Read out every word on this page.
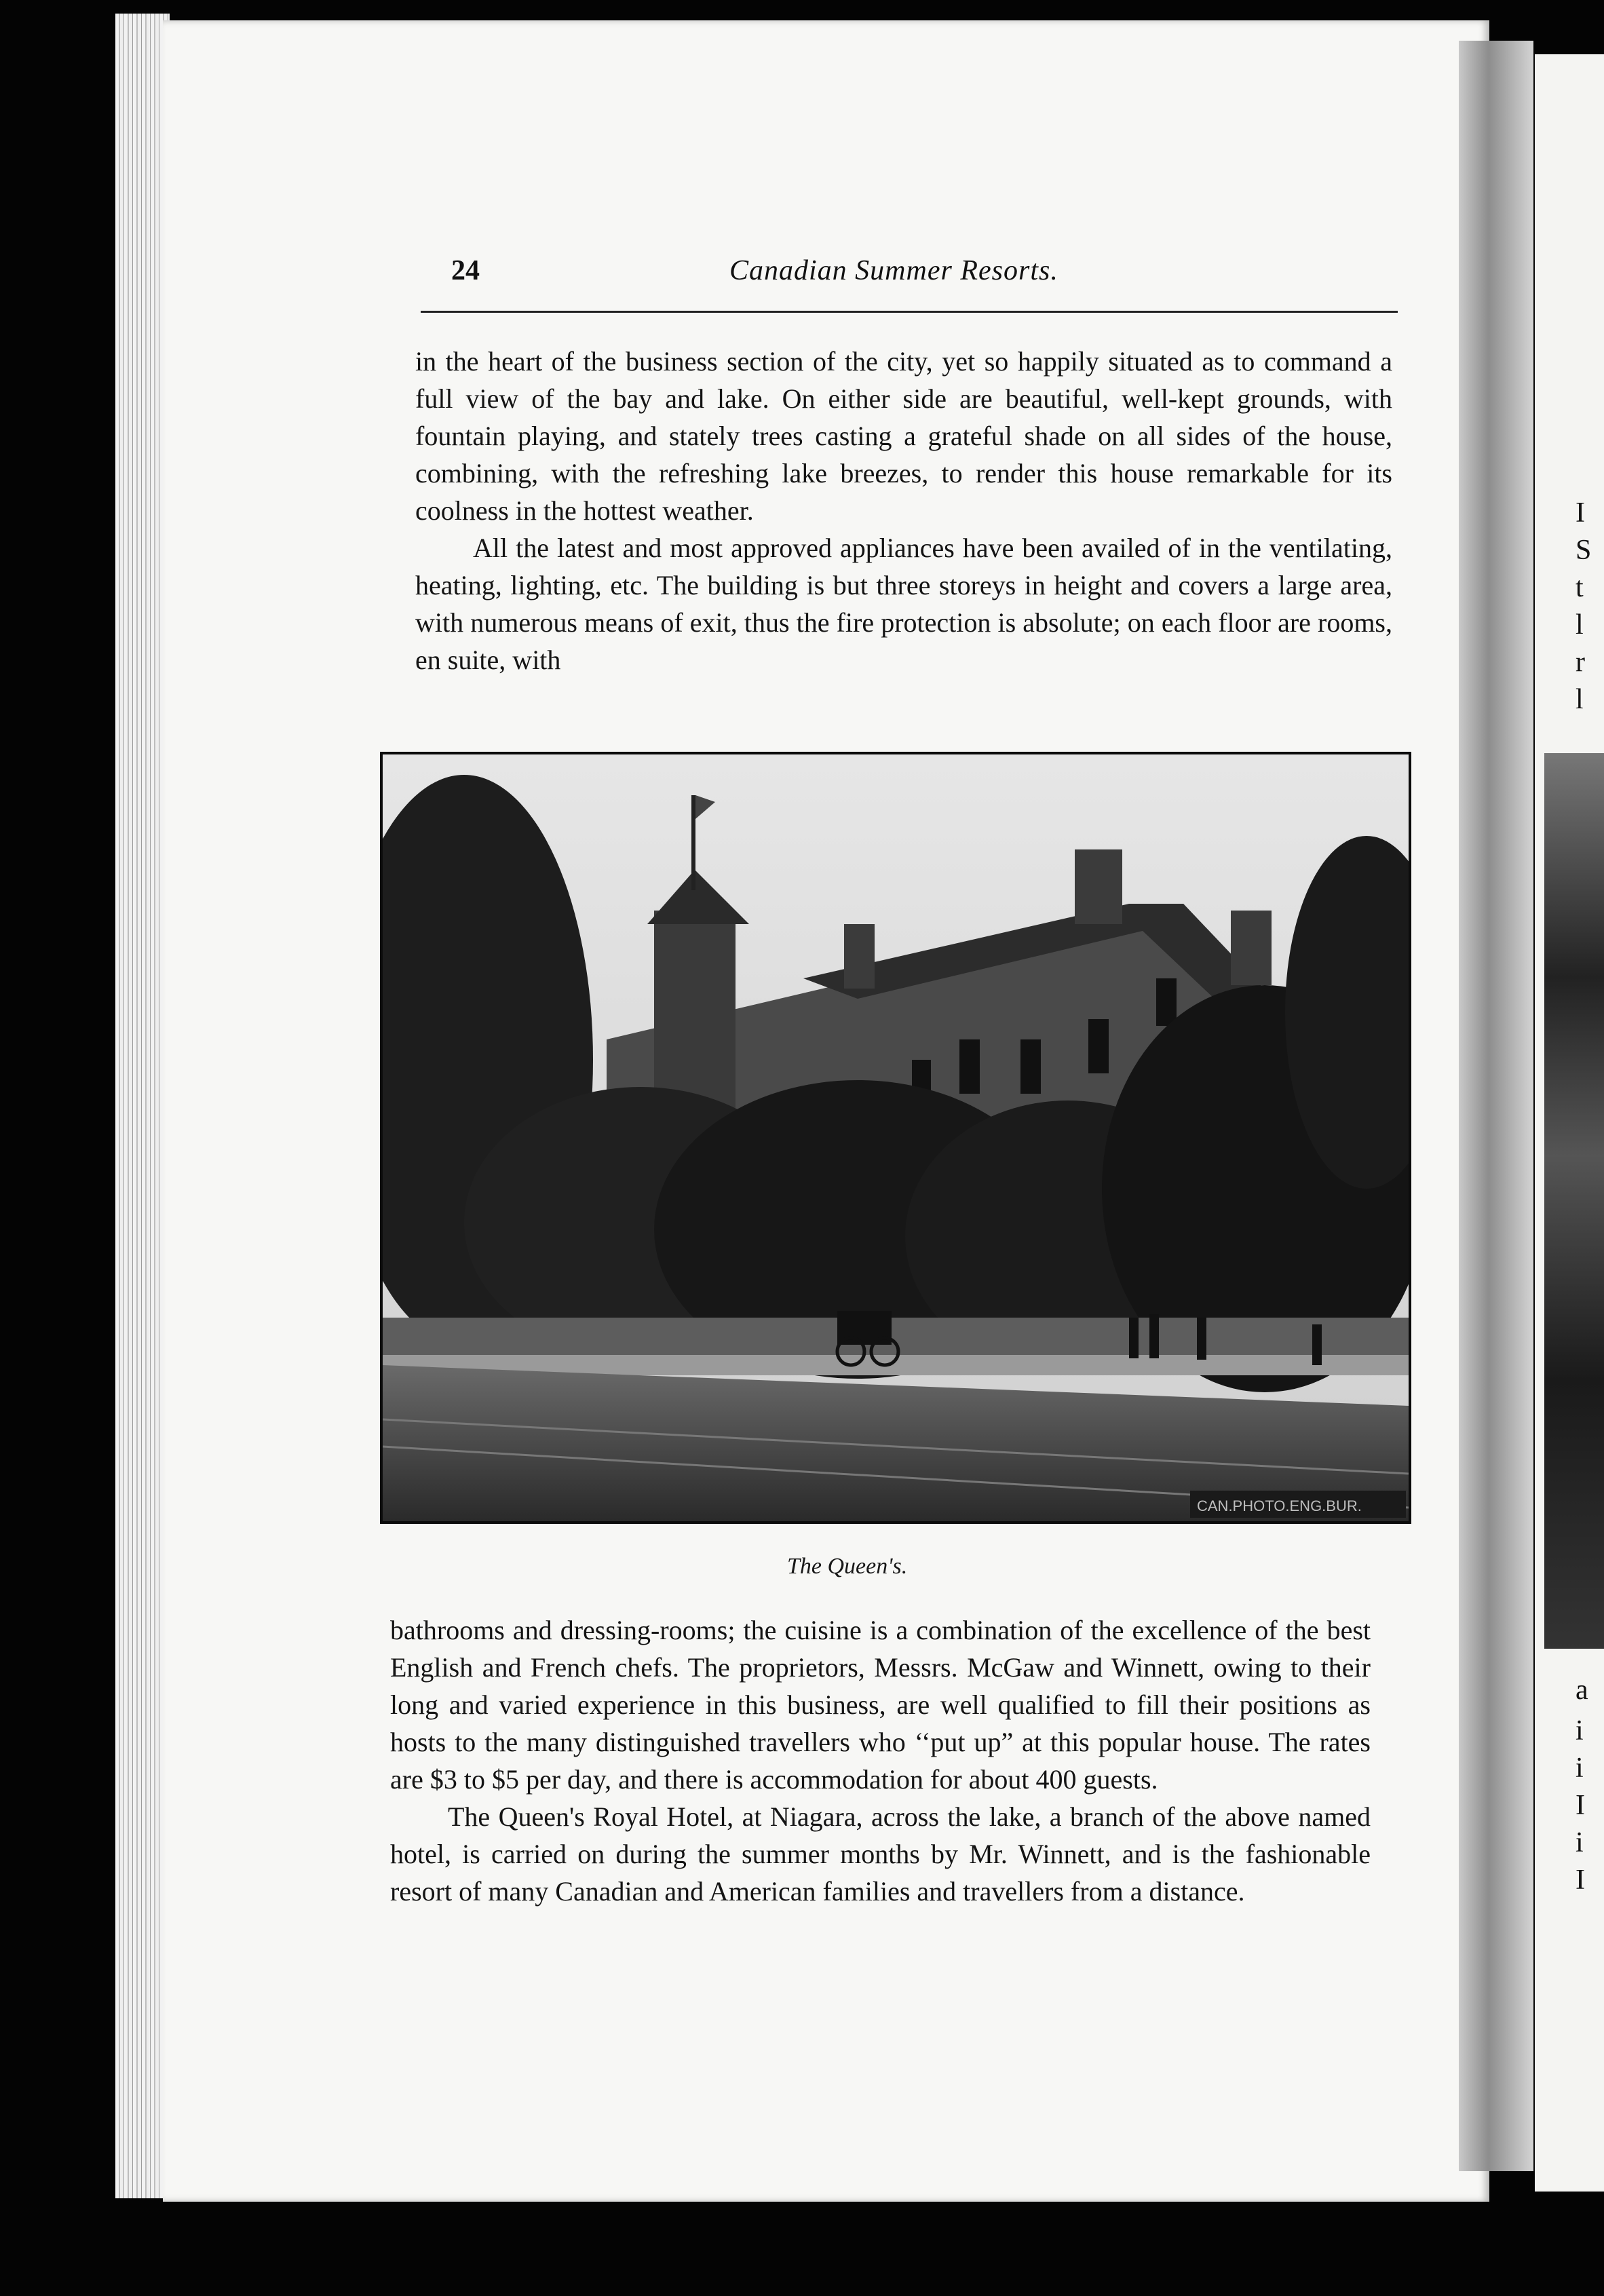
I
S
t
l
r
l
a
i
i
I
i
I
24	Canadian Summer Resorts.

in the heart of the business section of the city, yet so happily situated as to command a full view of the bay and lake. On either side are beautiful, well-kept grounds, with fountain playing, and stately trees casting a grateful shade on all sides of the house, combining, with the refreshing lake breezes, to render this house remarkable for its coolness in the hottest weather.

All the latest and most approved appliances have been availed of in the ventilating, heating, lighting, etc. The building is but three storeys in height and covers a large area, with numerous means of exit, thus the fire protection is absolute; on each floor are rooms, en suite, with

CAN.PHOTO.ENG.BUR.
The Queen's.

bathrooms and dressing-rooms; the cuisine is a combination of the excellence of the best English and French chefs. The proprietors, Messrs. McGaw and Winnett, owing to their long and varied experience in this business, are well qualified to fill their positions as hosts to the many distinguished travellers who ‘‘put up” at this popular house. The rates are $3 to $5 per day, and there is accommodation for about 400 guests.

The Queen's Royal Hotel, at Niagara, across the lake, a branch of the above named hotel, is carried on during the summer months by Mr. Winnett, and is the fashionable resort of many Canadian and American families and travellers from a distance.
